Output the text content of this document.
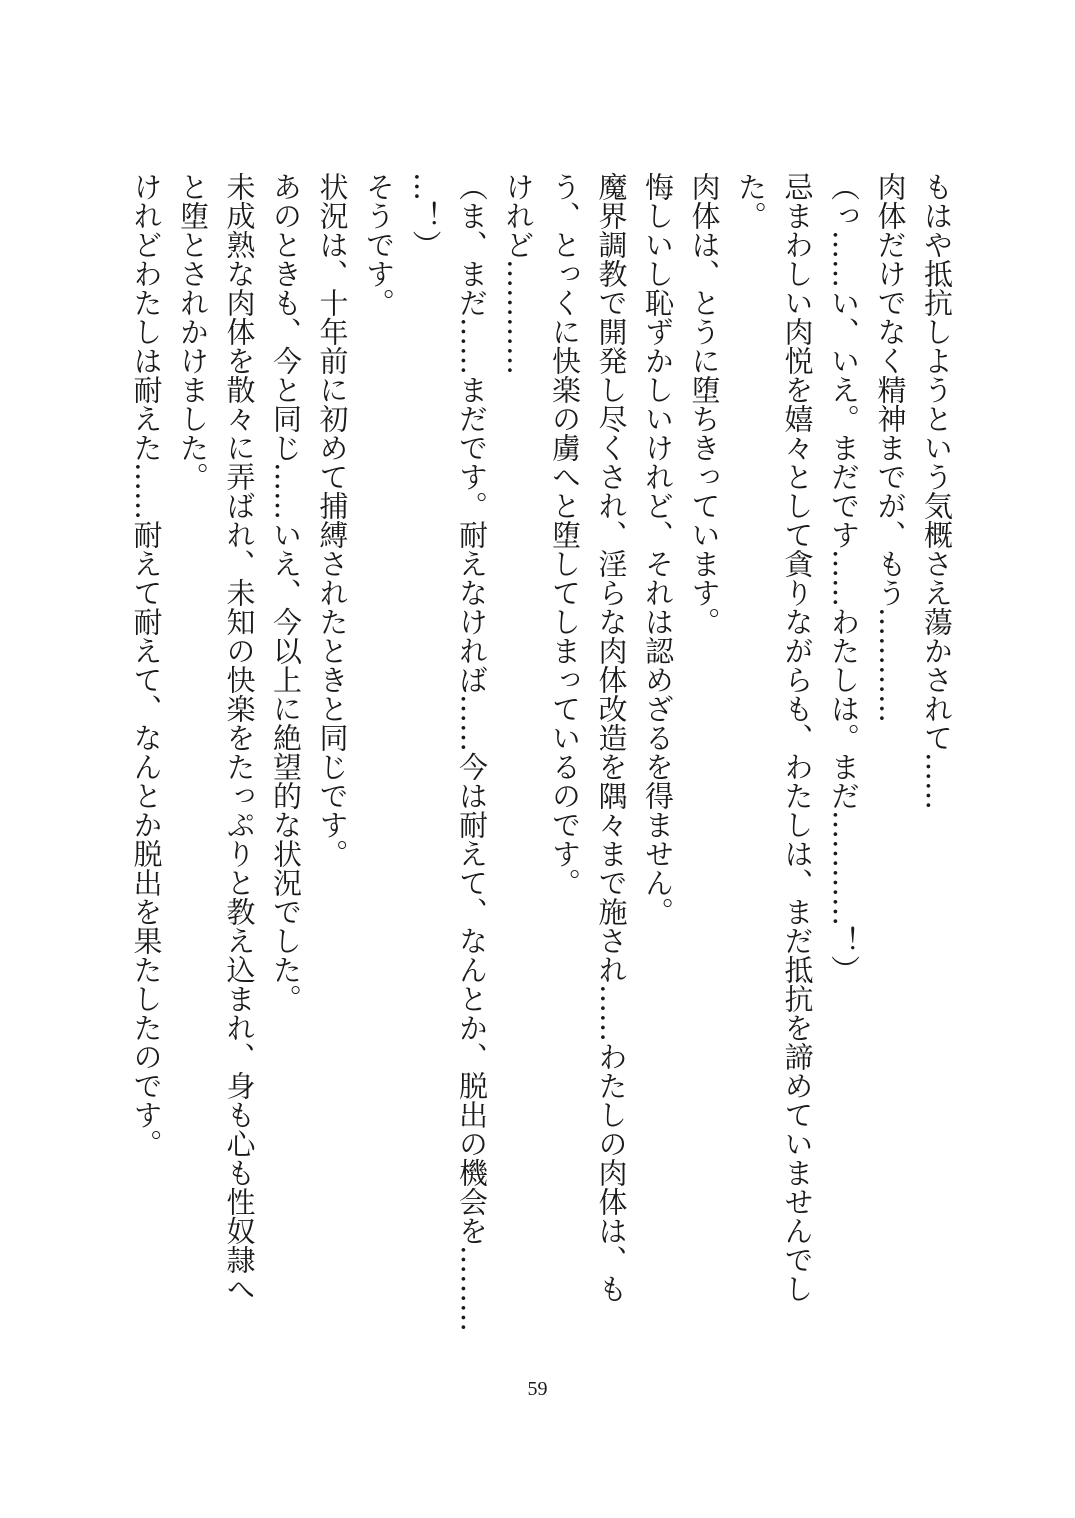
もはや抵抗しようという気概さえ蕩かされて……
肉体だけでなく精神までが、もう…………
（っ……い、いえ。まだです……わたしは。まだ…………！）
忌まわしい肉悦を嬉々として貪りながらも、わたしは、まだ抵抗を諦めていませんでし
た。
肉体は、とうに堕ちきっています。
悔しいし恥ずかしいけれど、それは認めざるを得ません。
魔界調教で開発し尽くされ、淫らな肉体改造を隅々まで施され……わたしの肉体は、も
う、とっくに快楽の虜へと堕してしまっているのです。
けれど…………
（ま、まだ……まだです。耐えなければ……今は耐えて、なんとか、脱出の機会を………
…！）
そうです。
状況は、十年前に初めて捕縛されたときと同じです。
あのときも、今と同じ……いえ、今以上に絶望的な状況でした。
未成熟な肉体を散々に弄ばれ、未知の快楽をたっぷりと教え込まれ、身も心も性奴隷へ
と堕とされかけました。
けれどわたしは耐えた……耐えて耐えて、なんとか脱出を果たしたのです。
59
